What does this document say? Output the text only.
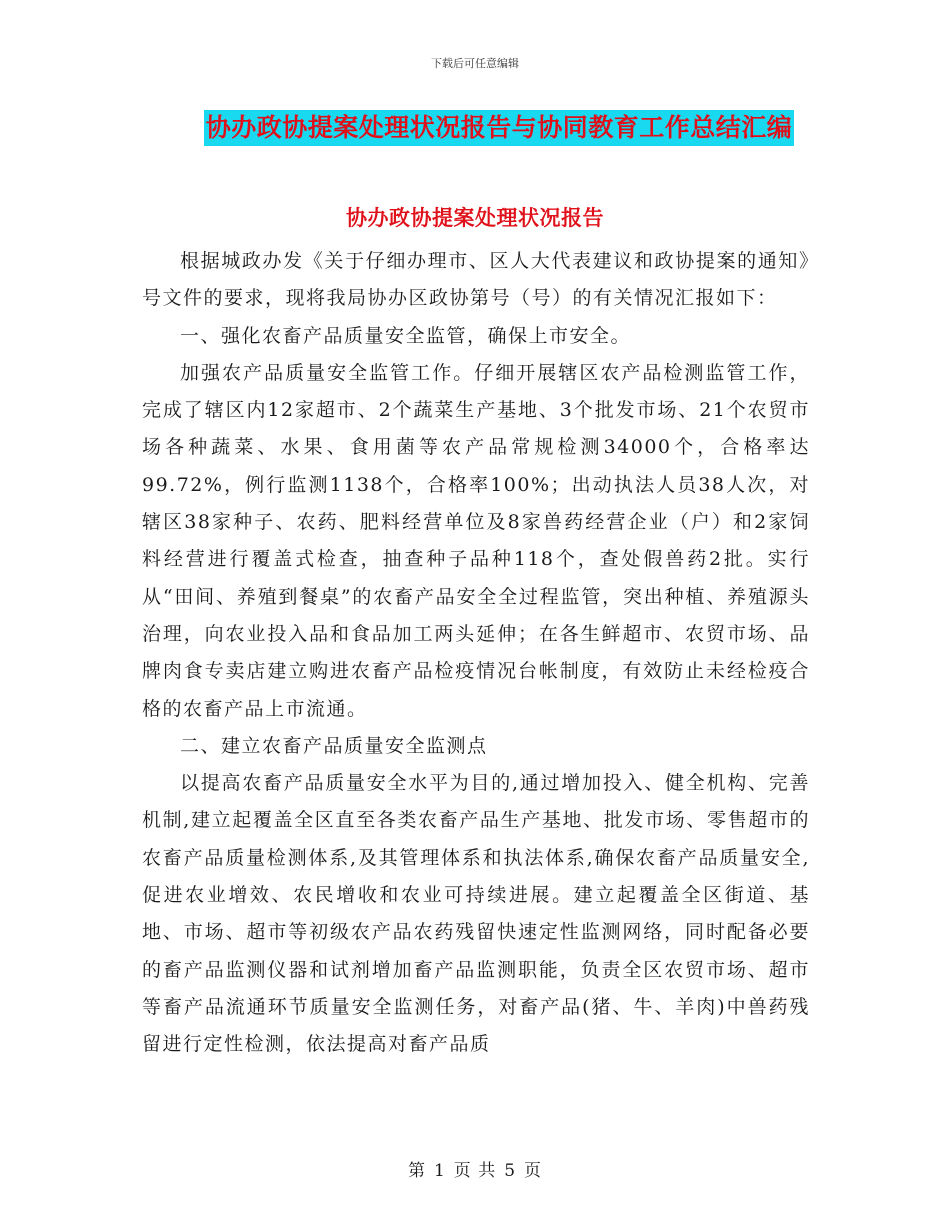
下载后可任意编辑
协办政协提案处理状况报告与协同教育工作总结汇编
协办政协提案处理状况报告

根据城政办发《关于仔细办理市、区人大代表建议和政协提案的通知》号文件的要求，现将我局协办区政协第号（号）的有关情况汇报如下：

一、强化农畜产品质量安全监管，确保上市安全。

加强农产品质量安全监管工作。仔细开展辖区农产品检测监管工作，完成了辖区内12家超市、2个蔬菜生产基地、3个批发市场、21个农贸市场各种蔬菜、水果、食用菌等农产品常规检测34000个，合格率达99.72%，例行监测1138个，合格率100%；出动执法人员38人次，对辖区38家种子、农药、肥料经营单位及8家兽药经营企业（户）和2家饲料经营进行覆盖式检查，抽查种子品种118个，查处假兽药2批。实行从“田间、养殖到餐桌”的农畜产品安全全过程监管，突出种植、养殖源头治理，向农业投入品和食品加工两头延伸；在各生鲜超市、农贸市场、品牌肉食专卖店建立购进农畜产品检疫情况台帐制度，有效防止未经检疫合格的农畜产品上市流通。

二、建立农畜产品质量安全监测点

以提高农畜产品质量安全水平为目的,通过增加投入、健全机构、完善机制,建立起覆盖全区直至各类农畜产品生产基地、批发市场、零售超市的农畜产品质量检测体系,及其管理体系和执法体系,确保农畜产品质量安全,促进农业增效、农民增收和农业可持续进展。建立起覆盖全区街道、基地、市场、超市等初级农产品农药残留快速定性监测网络，同时配备必要的畜产品监测仪器和试剂增加畜产品监测职能，负责全区农贸市场、超市等畜产品流通环节质量安全监测任务，对畜产品(猪、牛、羊肉)中兽药残留进行定性检测，依法提高对畜产品质

第 1 页 共 5 页
